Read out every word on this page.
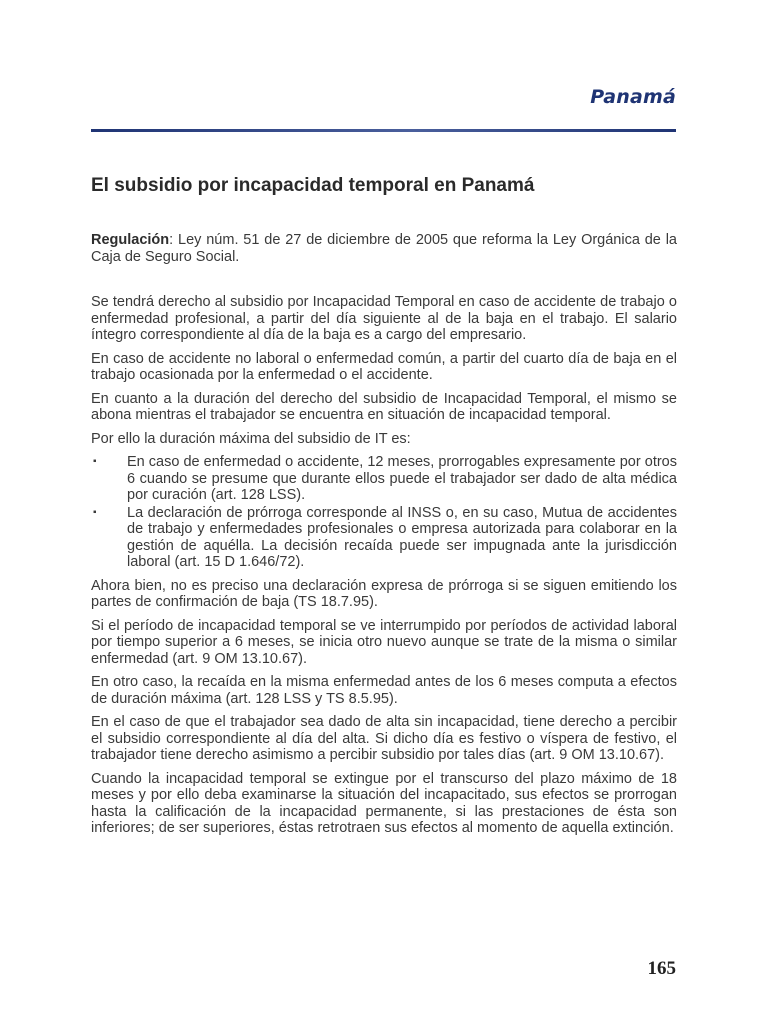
Panamá
El subsidio por incapacidad temporal en Panamá

Regulación: Ley núm. 51 de 27 de diciembre de 2005 que reforma la Ley Orgánica de la Caja de Seguro Social.

Se tendrá derecho al subsidio por Incapacidad Temporal en caso de accidente de trabajo o enfermedad profesional, a partir del día siguiente al de la baja en el trabajo. El salario íntegro correspondiente al día de la baja es a cargo del empresario.

En caso de accidente no laboral o enfermedad común, a partir del cuarto día de baja en el trabajo ocasionada por la enfermedad o el accidente.

En cuanto a la duración del derecho del subsidio de Incapacidad Temporal, el mismo se abona mientras el trabajador se encuentra en situación de incapacidad temporal.

Por ello la duración máxima del subsidio de IT es:

▪ En caso de enfermedad o accidente, 12 meses, prorrogables expresamente por otros 6 cuando se presume que durante ellos puede el trabajador ser dado de alta médica por curación (art. 128 LSS).
▪ La declaración de prórroga corresponde al INSS o, en su caso, Mutua de accidentes de trabajo y enfermedades profesionales o empresa autorizada para colaborar en la gestión de aquélla. La decisión recaída puede ser impugnada ante la jurisdicción laboral (art. 15 D 1.646/72).

Ahora bien, no es preciso una declaración expresa de prórroga si se siguen emitiendo los partes de confirmación de baja (TS 18.7.95).

Si el período de incapacidad temporal se ve interrumpido por períodos de actividad laboral por tiempo superior a 6 meses, se inicia otro nuevo aunque se trate de la misma o similar enfermedad (art. 9 OM 13.10.67).

En otro caso, la recaída en la misma enfermedad antes de los 6 meses computa a efectos de duración máxima (art. 128 LSS y TS 8.5.95).

En el caso de que el trabajador sea dado de alta sin incapacidad, tiene derecho a percibir el subsidio correspondiente al día del alta. Si dicho día es festivo o víspera de festivo, el trabajador tiene derecho asimismo a percibir subsidio por tales días (art. 9 OM 13.10.67).

Cuando la incapacidad temporal se extingue por el transcurso del plazo máximo de 18 meses y por ello deba examinarse la situación del incapacitado, sus efectos se prorrogan hasta la calificación de la incapacidad permanente, si las prestaciones de ésta son inferiores; de ser superiores, éstas retrotraen sus efectos al momento de aquella extinción.

165
